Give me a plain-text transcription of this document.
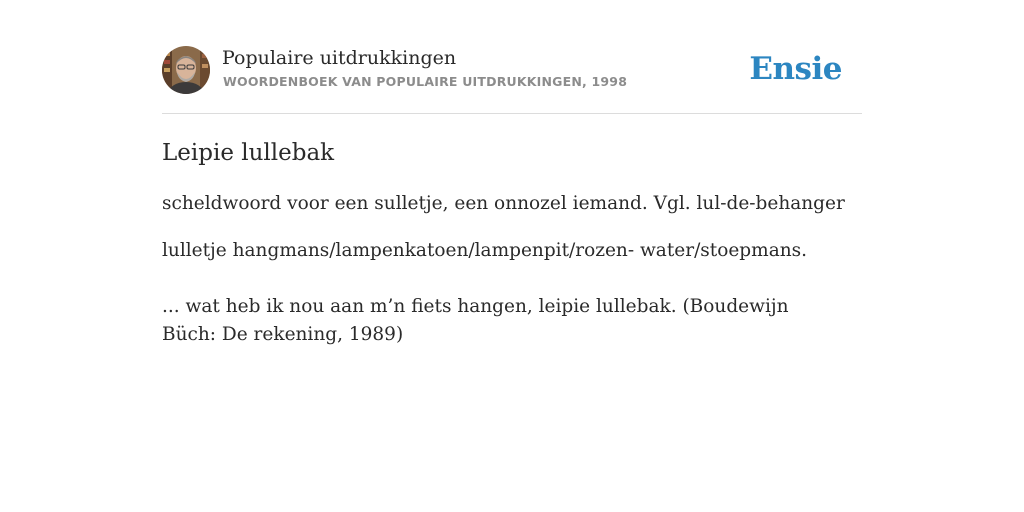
Populaire uitdrukkingen
WOORDENBOEK VAN POPULAIRE UITDRUKKINGEN, 1998	Ensie
Leipie lullebak
scheldwoord voor een sulletje, een onnozel iemand. Vgl. lul-de-behanger
lulletje hangmans/lampenkatoen/lampenpit/rozen- water/stoepmans.
... wat heb ik nou aan m’n fiets hangen, leipie lullebak. (Boudewijn Büch: De rekening, 1989)
